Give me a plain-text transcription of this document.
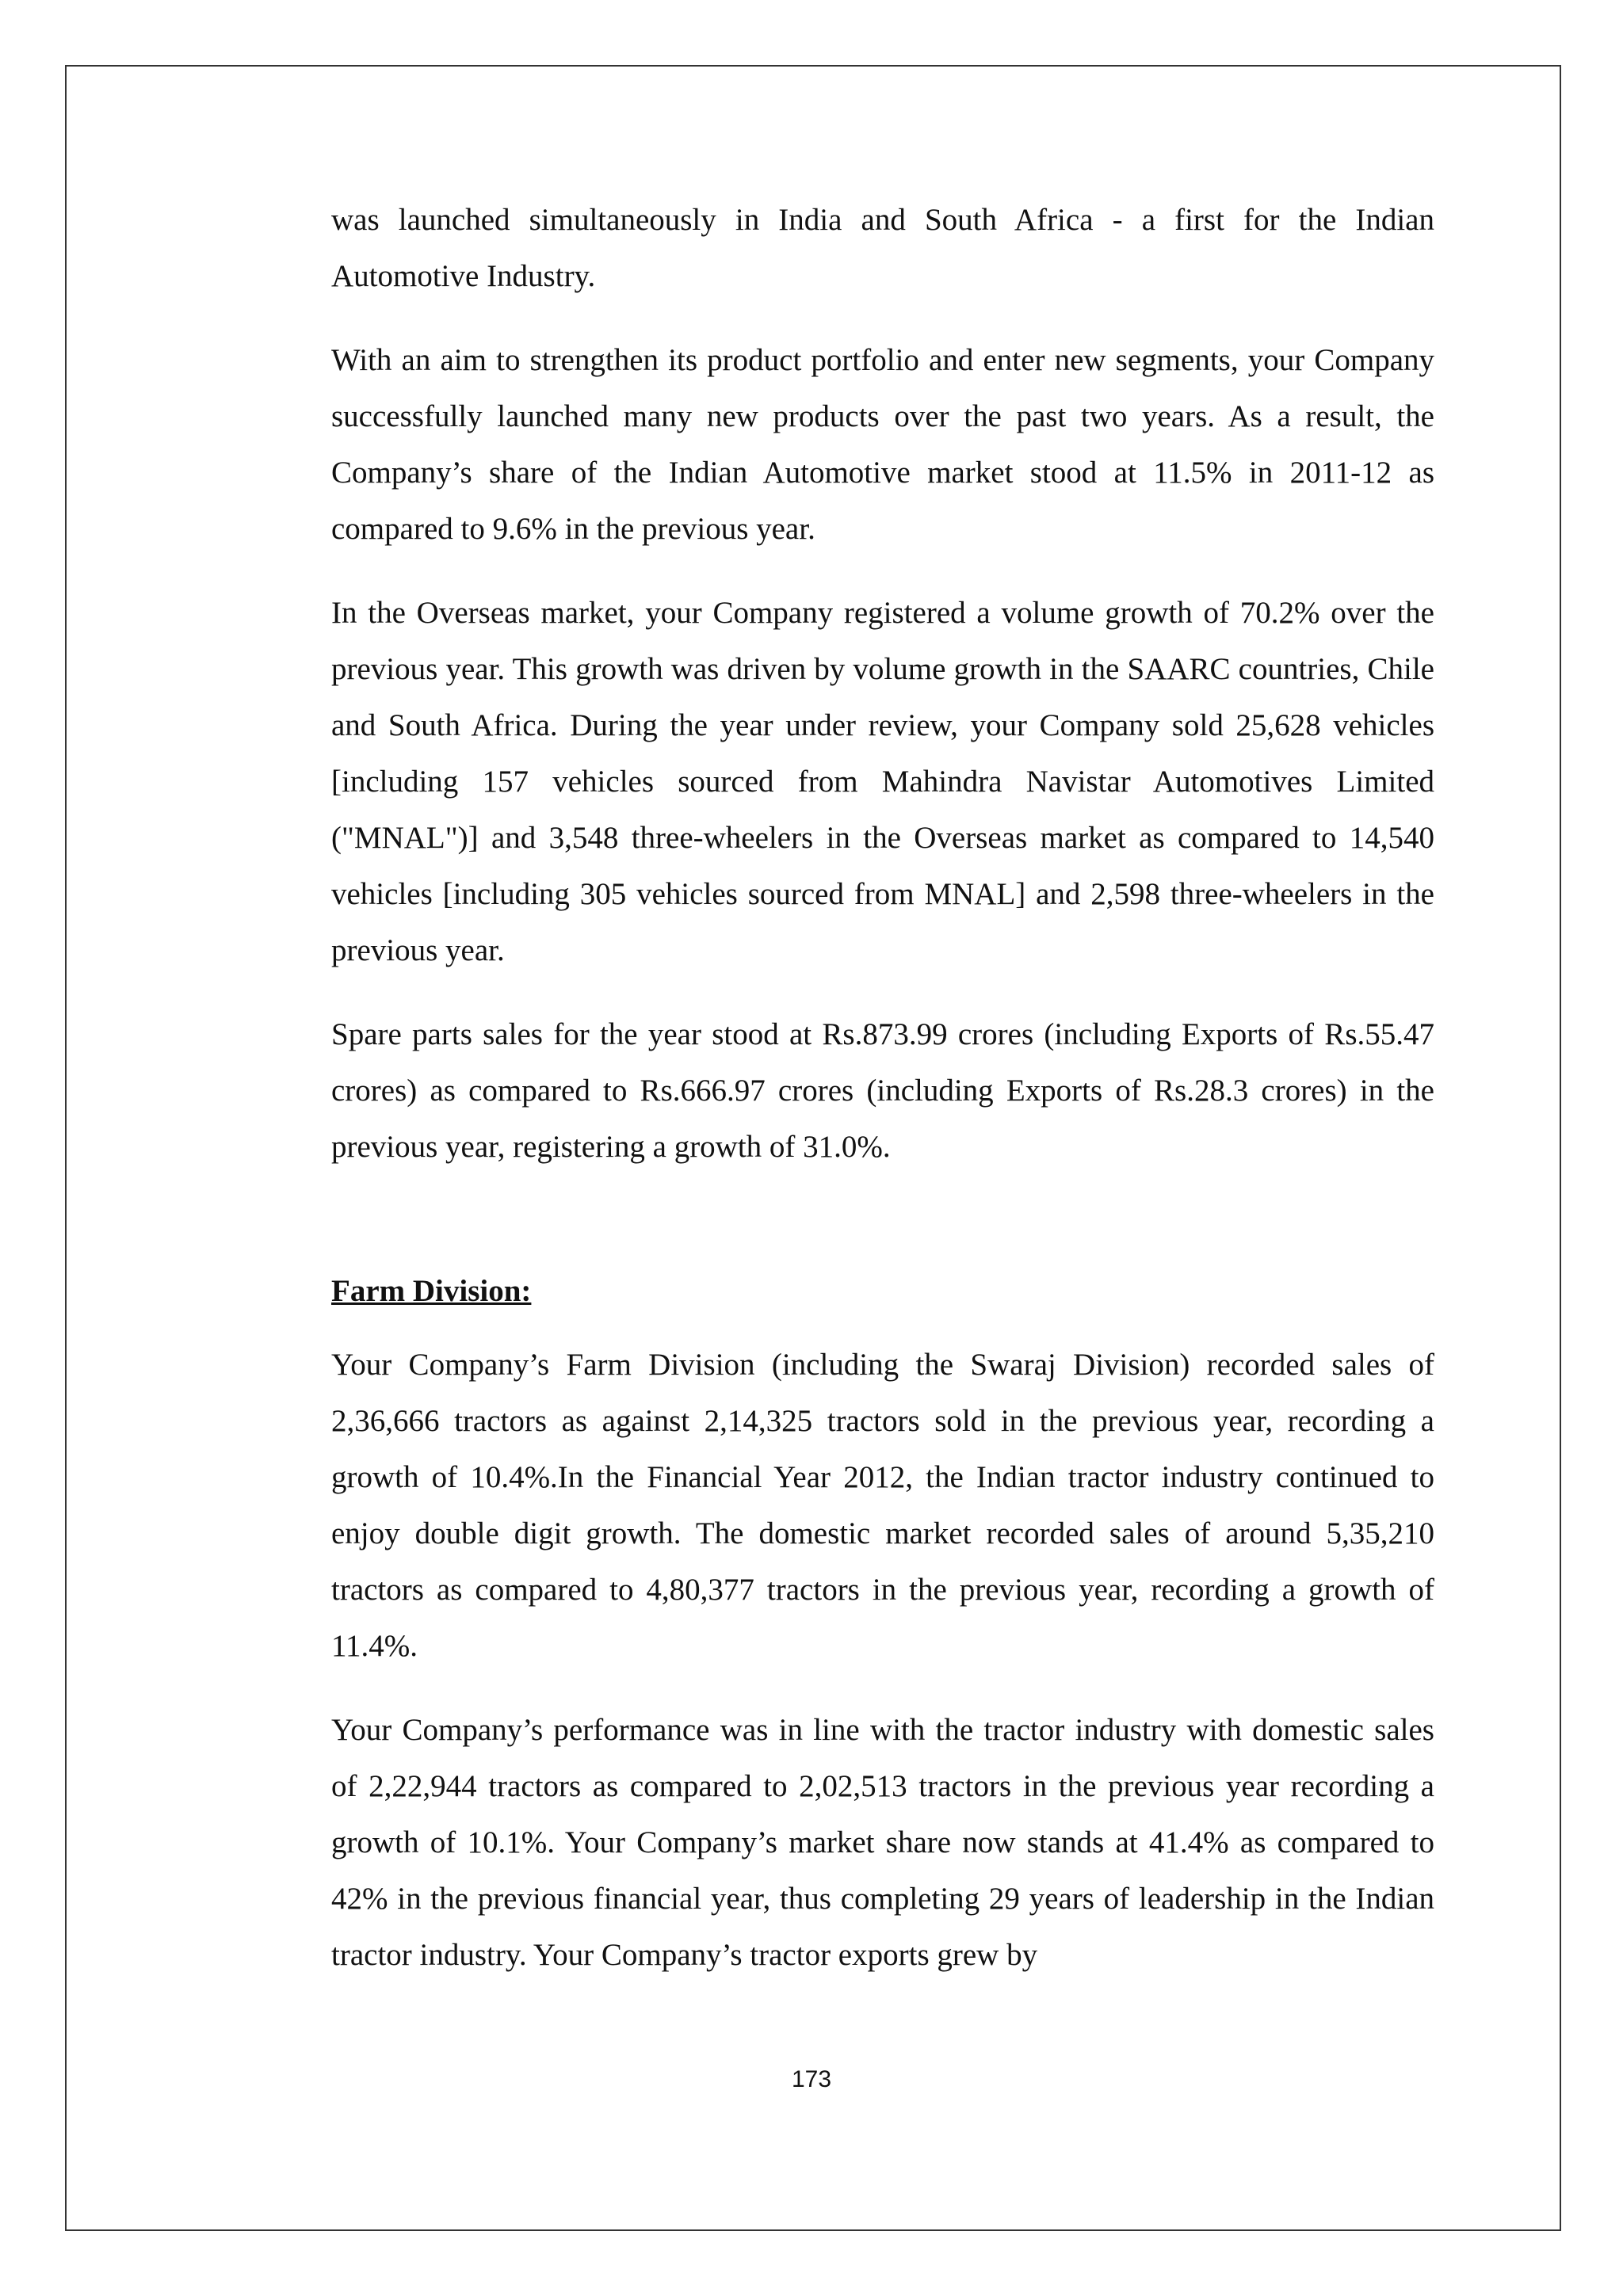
was launched simultaneously in India and South Africa - a first for the Indian Automotive Industry.

With an aim to strengthen its product portfolio and enter new segments, your Company successfully launched many new products over the past two years. As a result, the Company’s share of the Indian Automotive market stood at 11.5% in 2011-12 as compared to 9.6% in the previous year.

In the Overseas market, your Company registered a volume growth of 70.2% over the previous year. This growth was driven by volume growth in the SAARC countries, Chile and South Africa. During the year under review, your Company sold 25,628 vehicles [including 157 vehicles sourced from Mahindra Navistar Automotives Limited ("MNAL")] and 3,548 three-wheelers in the Overseas market as compared to 14,540 vehicles [including 305 vehicles sourced from MNAL] and 2,598 three-wheelers in the previous year.

Spare parts sales for the year stood at Rs.873.99 crores (including Exports of Rs.55.47 crores) as compared to Rs.666.97 crores (including Exports of Rs.28.3 crores) in the previous year, registering a growth of 31.0%.

Farm Division:

Your Company’s Farm Division (including the Swaraj Division) recorded sales of 2,36,666 tractors as against 2,14,325 tractors sold in the previous year, recording a growth of 10.4%.In the Financial Year 2012, the Indian tractor industry continued to enjoy double digit growth. The domestic market recorded sales of around 5,35,210 tractors as compared to 4,80,377 tractors in the previous year, recording a growth of 11.4%.

Your Company’s performance was in line with the tractor industry with domestic sales of 2,22,944 tractors as compared to 2,02,513 tractors in the previous year recording a growth of 10.1%. Your Company’s market share now stands at 41.4% as compared to 42% in the previous financial year, thus completing 29 years of leadership in the Indian tractor industry. Your Company’s tractor exports grew by

173
